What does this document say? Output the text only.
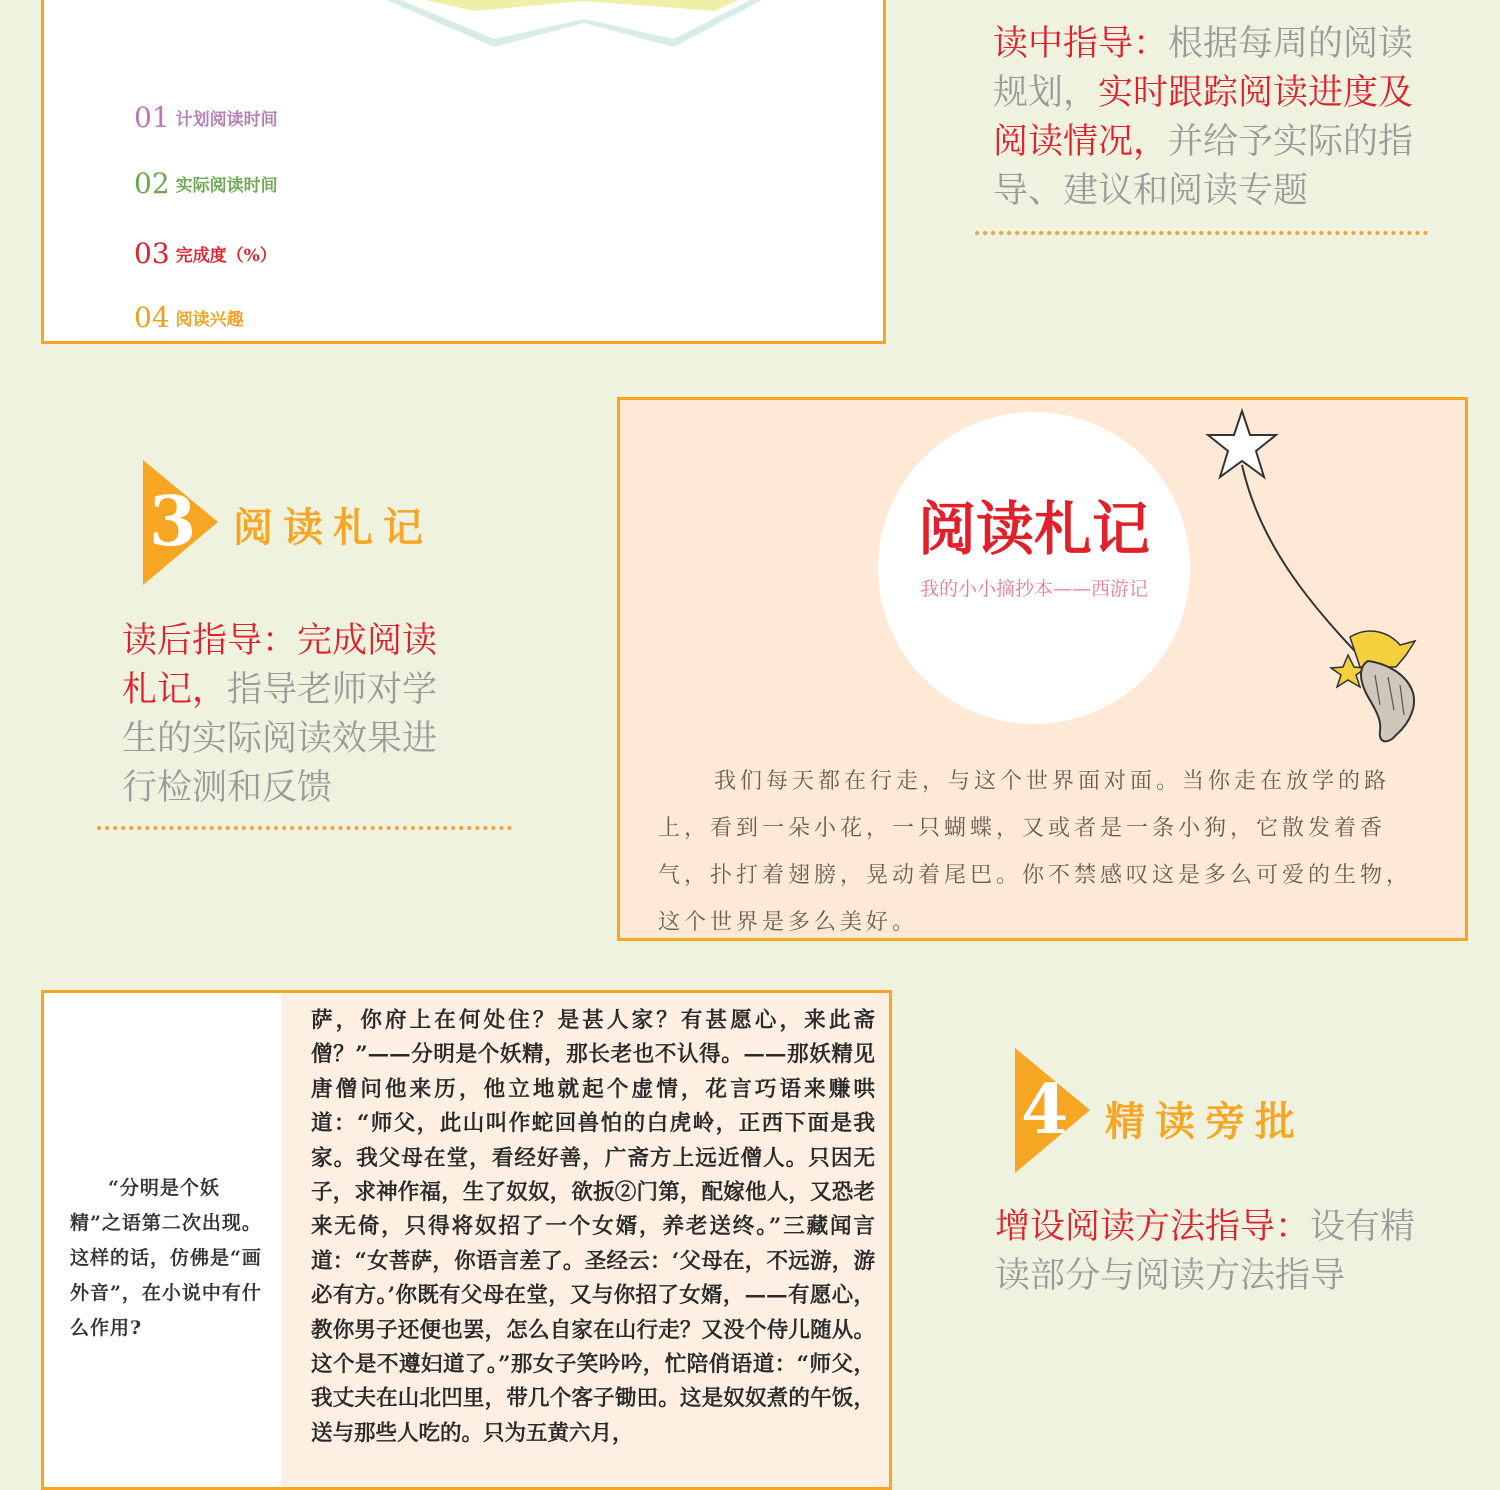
01 计划阅读时间
02 实际阅读时间
03 完成度（%）
04 阅读兴趣

读中指导：根据每周的阅读规划，实时跟踪阅读进度及阅读情况，并给予实际的指导、建议和阅读专题

3 阅读札记

读后指导：完成阅读札记，指导老师对学生的实际阅读效果进行检测和反馈

阅读札记
我的小小摘抄本——西游记

我们每天都在行走，与这个世界面对面。当你走在放学的路上，看到一朵小花，一只蝴蝶，又或者是一条小狗，它散发着香气，扑打着翅膀，晃动着尾巴。你不禁感叹这是多么可爱的生物，这个世界是多么美好。

“分明是个妖精”之语第二次出现。这样的话，仿佛是“画外音”，在小说中有什么作用?

萨，你府上在何处住？是甚人家？有甚愿心，来此斋僧？”——分明是个妖精，那长老也不认得。——那妖精见唐僧问他来历，他立地就起个虚情，花言巧语来赚哄道：“师父，此山叫作蛇回兽怕的白虎岭，正西下面是我家。我父母在堂，看经好善，广斋方上远近僧人。只因无子，求神作福，生了奴奴，欲扳②门第，配嫁他人，又恐老来无倚，只得将奴招了一个女婿，养老送终。”三藏闻言道：“女菩萨，你语言差了。圣经云：‘父母在，不远游，游必有方。’你既有父母在堂，又与你招了女婿，——有愿心，教你男子还便也罢，怎么自家在山行走？又没个侍儿随从。这个是不遵妇道了。”那女子笑吟吟，忙陪俏语道：“师父，我丈夫在山北凹里，带几个客子锄田。这是奴奴煮的午饭，送与那些人吃的。只为五黄六月，

4 精读旁批

增设阅读方法指导：设有精读部分与阅读方法指导
